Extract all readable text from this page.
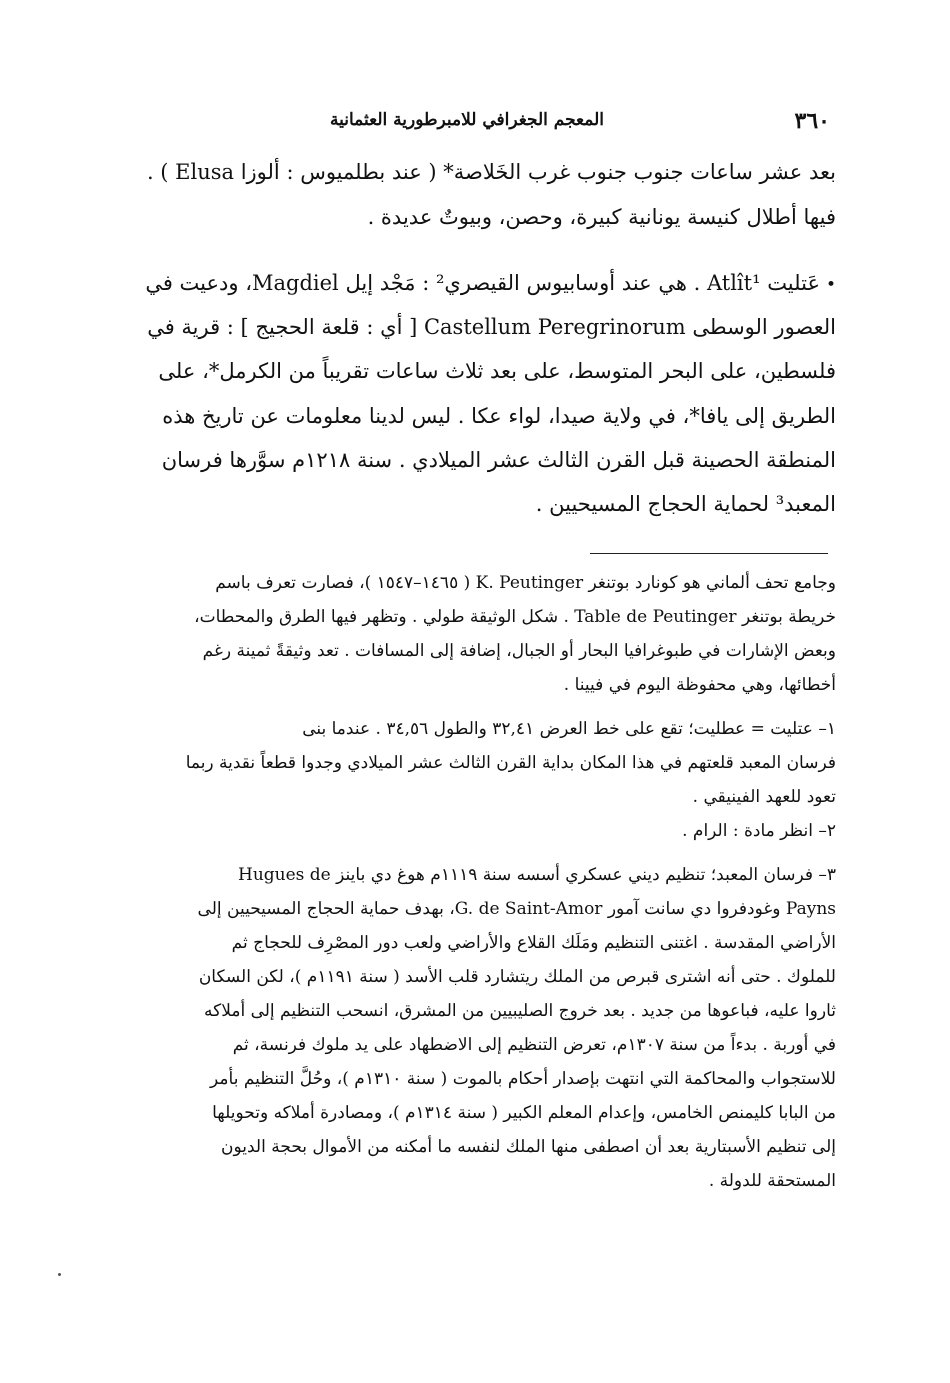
٣٦٠
المعجم الجغرافي للامبرطورية العثمانية
بعد عشر ساعات جنوب جنوب غرب الخَلاصة* ( عند بطلميوس : ألوزا Elusa ) .
فيها أطلال كنيسة يونانية كبيرة، وحصن، وبيوتٌ عديدة .
•عَتليت Atlît¹ . هي عند أوسابيوس القيصري² : مَجْد إيل Magdiel، ودعيت في
العصور الوسطى Castellum Peregrinorum [ أي : قلعة الحجيج ] : قرية في
فلسطين، على البحر المتوسط، على بعد ثلاث ساعات تقريباً من الكرمل*، على
الطريق إلى يافا*، في ولاية صيدا، لواء عكا . ليس لدينا معلومات عن تاريخ هذه
المنطقة الحصينة قبل القرن الثالث عشر الميلادي . سنة ١٢١٨م سوَّرها فرسان
المعبد³ لحماية الحجاج المسيحيين .
وجامع تحف ألماني هو كونارد بوتنغر K. Peutinger ( ١٤٦٥–١٥٤٧ )، فصارت تعرف باسم
خريطة بوتنغر Table de Peutinger . شكل الوثيقة طولي . وتظهر فيها الطرق والمحطات،
وبعض الإشارات في طبوغرافيا البحار أو الجبال، إضافة إلى المسافات . تعد وثيقةً ثمينة رغم
أخطائها، وهي محفوظة اليوم في فيينا .
١– عتليت = عطليت؛ تقع على خط العرض ٣٢,٤١ والطول ٣٤,٥٦ . عندما بنى
فرسان المعبد قلعتهم في هذا المكان بداية القرن الثالث عشر الميلادي وجدوا قطعاً نقدية ربما
تعود للعهد الفينيقي .
٢– انظر مادة : الرام .
٣– فرسان المعبد؛ تنظيم ديني عسكري أسسه سنة ١١١٩م هوغ دي باينز Hugues de
Payns وغودفروا دي سانت آمور G. de Saint-Amor، بهدف حماية الحجاج المسيحيين إلى
الأراضي المقدسة . اغتنى التنظيم ومَلَك القلاع والأراضي ولعب دور المصْرِف للحجاج ثم
للملوك . حتى أنه اشترى قبرص من الملك ريتشارد قلب الأسد ( سنة ١١٩١م )، لكن السكان
ثاروا عليه، فباعوها من جديد . بعد خروج الصليبيين من المشرق، انسحب التنظيم إلى أملاكه
في أوربة . بدءاً من سنة ١٣٠٧م، تعرض التنظيم إلى الاضطهاد على يد ملوك فرنسة، ثم
للاستجواب والمحاكمة التي انتهت بإصدار أحكام بالموت ( سنة ١٣١٠م )، وحُلَّ التنظيم بأمر
من البابا كليمنص الخامس، وإعدام المعلم الكبير ( سنة ١٣١٤م )، ومصادرة أملاكه وتحويلها
إلى تنظيم الأسبتارية بعد أن اصطفى منها الملك لنفسه ما أمكنه من الأموال بحجة الديون
المستحقة للدولة .
